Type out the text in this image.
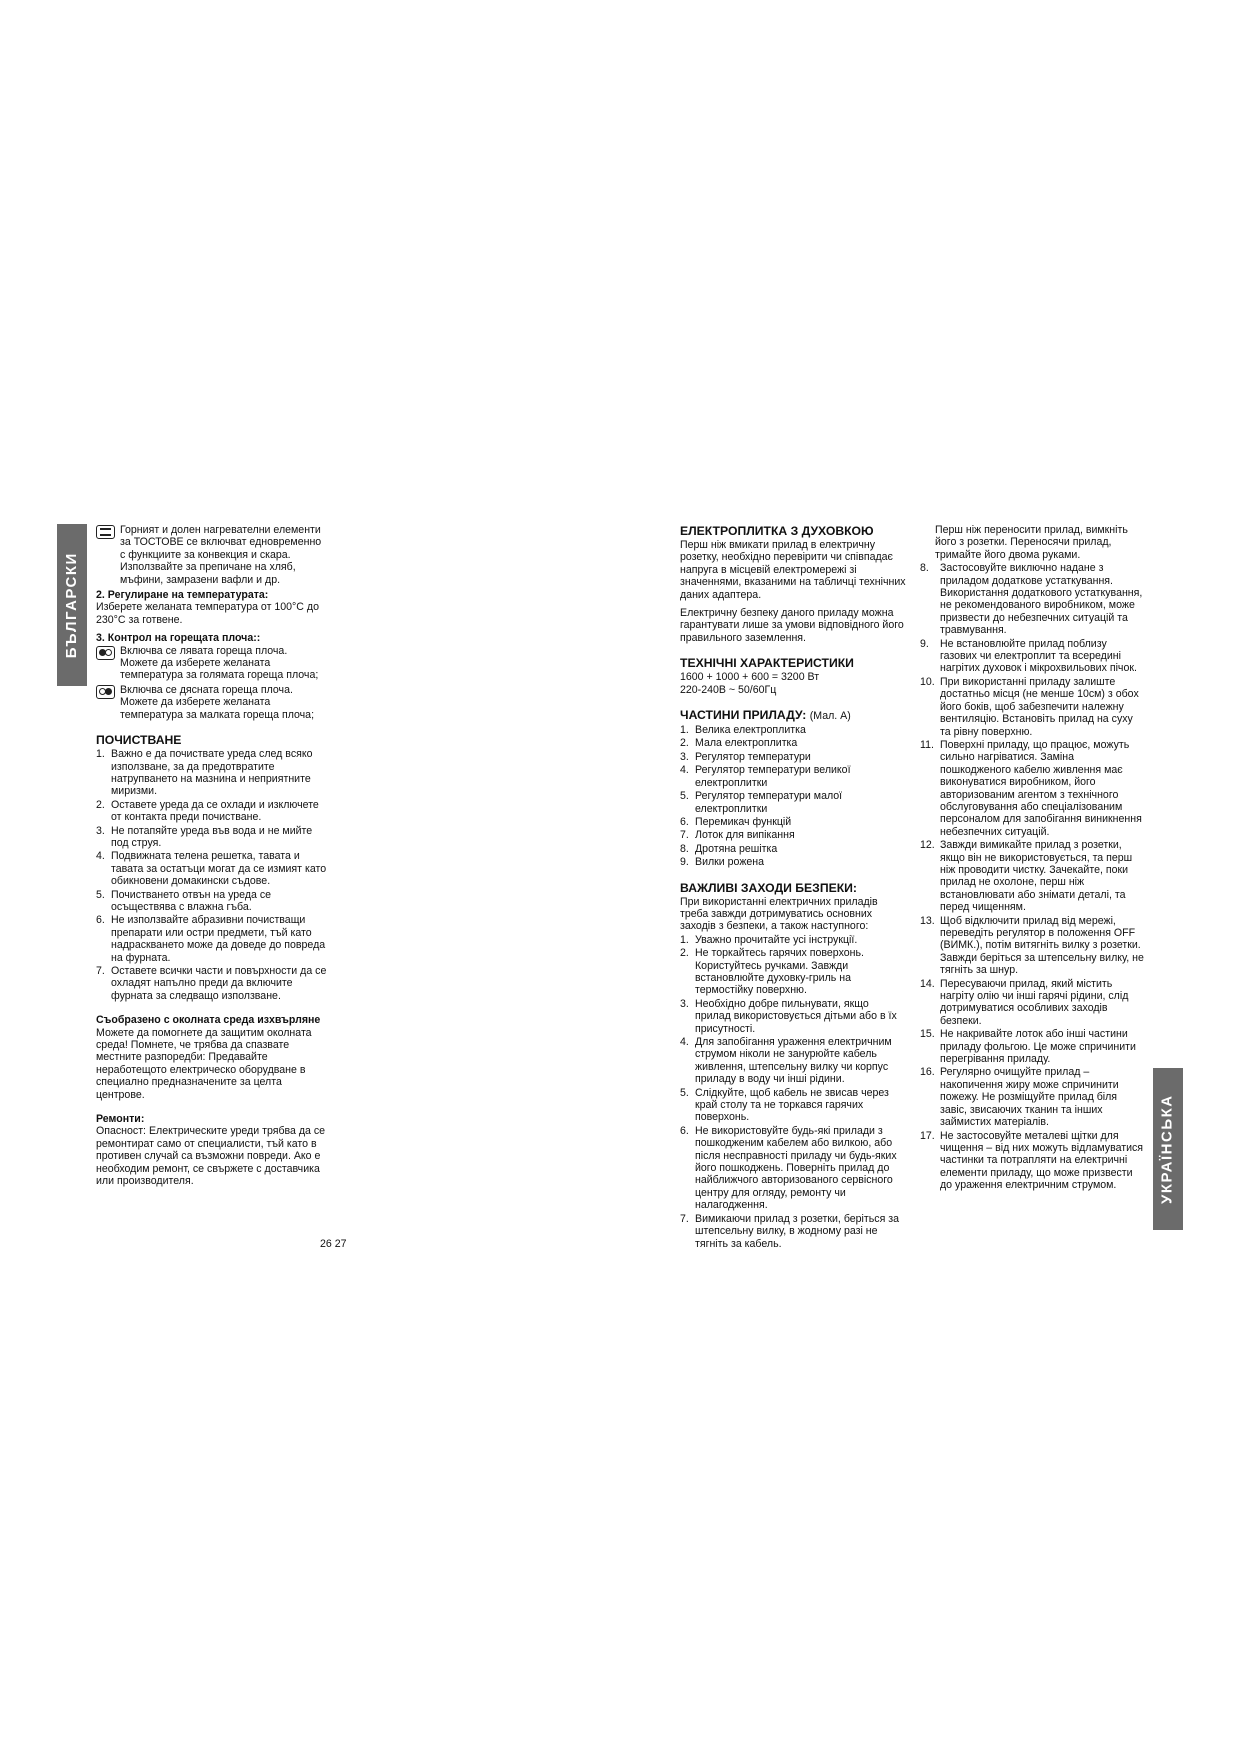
БЪЛГАРСКИ

Горният и долен нагревателни елементи за ТОСТОВЕ се включват едновременно с функциите за конвекция и скара. Използвайте за препичане на хляб, мъфини, замразени вафли и др.

2. Регулиране на температурата:

Изберете желаната температура от 100°C до 230°C за готвене.

3. Контрол на горещата плоча::

Включва се лявата гореща плоча. Можете да изберете желаната температура за голямата гореща плоча;

Включва се дясната гореща плоча. Можете да изберете желаната температура за малката гореща плоча;

ПОЧИСТВАНЕ

1. Важно е да почиствате уреда след всяко използване, за да предотвратите натрупването на мазнина и неприятните миризми.
2. Оставете уреда да се охлади и изключете от контакта преди почистване.
3. Не потапяйте уреда във вода и не мийте под струя.
4. Подвижната телена решетка, тавата и тавата за остатъци могат да се измият като обикновени домакински съдове.
5. Почистването отвън на уреда се осъществява с влажна гъба.
6. Не използвайте абразивни почистващи препарати или остри предмети, тъй като надраскването може да доведе до повреда на фурната.
7. Оставете всички части и повърхности да се охладят напълно преди да включите фурната за следващо използване.

Съобразено с околната среда изхвърляне

Можете да помогнете да защитим околната среда! Помнете, че трябва да спазвате местните разпоредби: Предавайте неработещото електрическо оборудване в специално предназначените за целта центрове.

Ремонти:

Опасност: Електрическите уреди трябва да се ремонтират само от специалисти, тъй като в противен случай са възможни повреди. Ако е необходим ремонт, се свържете с доставчика или производителя.

26 27

ЕЛЕКТРОПЛИТКА З ДУХОВКОЮ

Перш ніж вмикати прилад в електричну розетку, необхідно перевірити чи співпадає напруга в місцевій електромережі зі значеннями, вказаними на табличці технічних даних адаптера.

Електричну безпеку даного приладу можна гарантувати лише за умови відповідного його правильного заземлення.

ТЕХНІЧНІ ХАРАКТЕРИСТИКИ

1600 + 1000 + 600 = 3200 Вт

220-240В ~ 50/60Гц

ЧАСТИНИ ПРИЛАДУ: (Мал. A)

1. Велика електроплитка
2. Мала електроплитка
3. Регулятор температури
4. Регулятор температури великої електроплитки
5. Регулятор температури малої електроплитки
6. Перемикач функцій
7. Лоток для випікання
8. Дротяна решітка
9. Вилки рожена

ВАЖЛИВІ ЗАХОДИ БЕЗПЕКИ:

При використанні електричних приладів треба завжди дотримуватись основних заходів з безпеки, а також наступного:

1. Уважно прочитайте усі інструкції.
2. Не торкайтесь гарячих поверхонь. Користуйтесь ручками. Завжди встановлюйте духовку-гриль на термостійку поверхню.
3. Необхідно добре пильнувати, якщо прилад використовується дітьми або в їх присутності.
4. Для запобігання ураження електричним струмом ніколи не занурюйте кабель живлення, штепсельну вилку чи корпус приладу в воду чи інші рідини.
5. Слідкуйте, щоб кабель не звисав через край столу та не торкався гарячих поверхонь.
6. Не використовуйте будь-які прилади з пошкодженим кабелем або вилкою, або після несправності приладу чи будь-яких його пошкоджень. Поверніть прилад до найближчого авторизованого сервісного центру для огляду, ремонту чи налагодження.
7. Вимикаючи прилад з розетки, беріться за штепсельну вилку, в жодному разі не тягніть за кабель.

Перш ніж переносити прилад, вимкніть його з розетки. Переносячи прилад, тримайте його двома руками.

8. Застосовуйте виключно надане з приладом додаткове устаткування. Використання додаткового устаткування, не рекомендованого виробником, може призвести до небезпечних ситуацій та травмування.
9. Не встановлюйте прилад поблизу газових чи електроплит та всередині нагрітих духовок і мікрохвильових пічок.
10. При використанні приладу залиште достатньо місця (не менше 10см) з обох його боків, щоб забезпечити належну вентиляцію. Встановіть прилад на суху та рівну поверхню.
11. Поверхні приладу, що працює, можуть сильно нагріватися. Заміна пошкодженого кабелю живлення має виконуватися виробником, його авторизованим агентом з технічного обслуговування або спеціалізованим персоналом для запобігання виникнення небезпечних ситуацій.
12. Завжди вимикайте прилад з розетки, якщо він не використовується, та перш ніж проводити чистку. Зачекайте, поки прилад не охолоне, перш ніж встановлювати або знімати деталі, та перед чищенням.
13. Щоб відключити прилад від мережі, переведіть регулятор в положення OFF (ВИМК.), потім витягніть вилку з розетки. Завжди беріться за штепсельну вилку, не тягніть за шнур.
14. Пересуваючи прилад, який містить нагріту олію чи інші гарячі рідини, слід дотримуватися особливих заходів безпеки.
15. Не накривайте лоток або інші частини приладу фольгою. Це може спричинити перегрівання приладу.
16. Регулярно очищуйте прилад – накопичення жиру може спричинити пожежу. Не розміщуйте прилад біля завіс, звисаючих тканин та інших займистих матеріалів.
17. Не застосовуйте металеві щітки для чищення – від них можуть відламуватися частинки та потрапляти на електричні елементи приладу, що може призвести до ураження електричним струмом.	УКРАЇНСЬКА
